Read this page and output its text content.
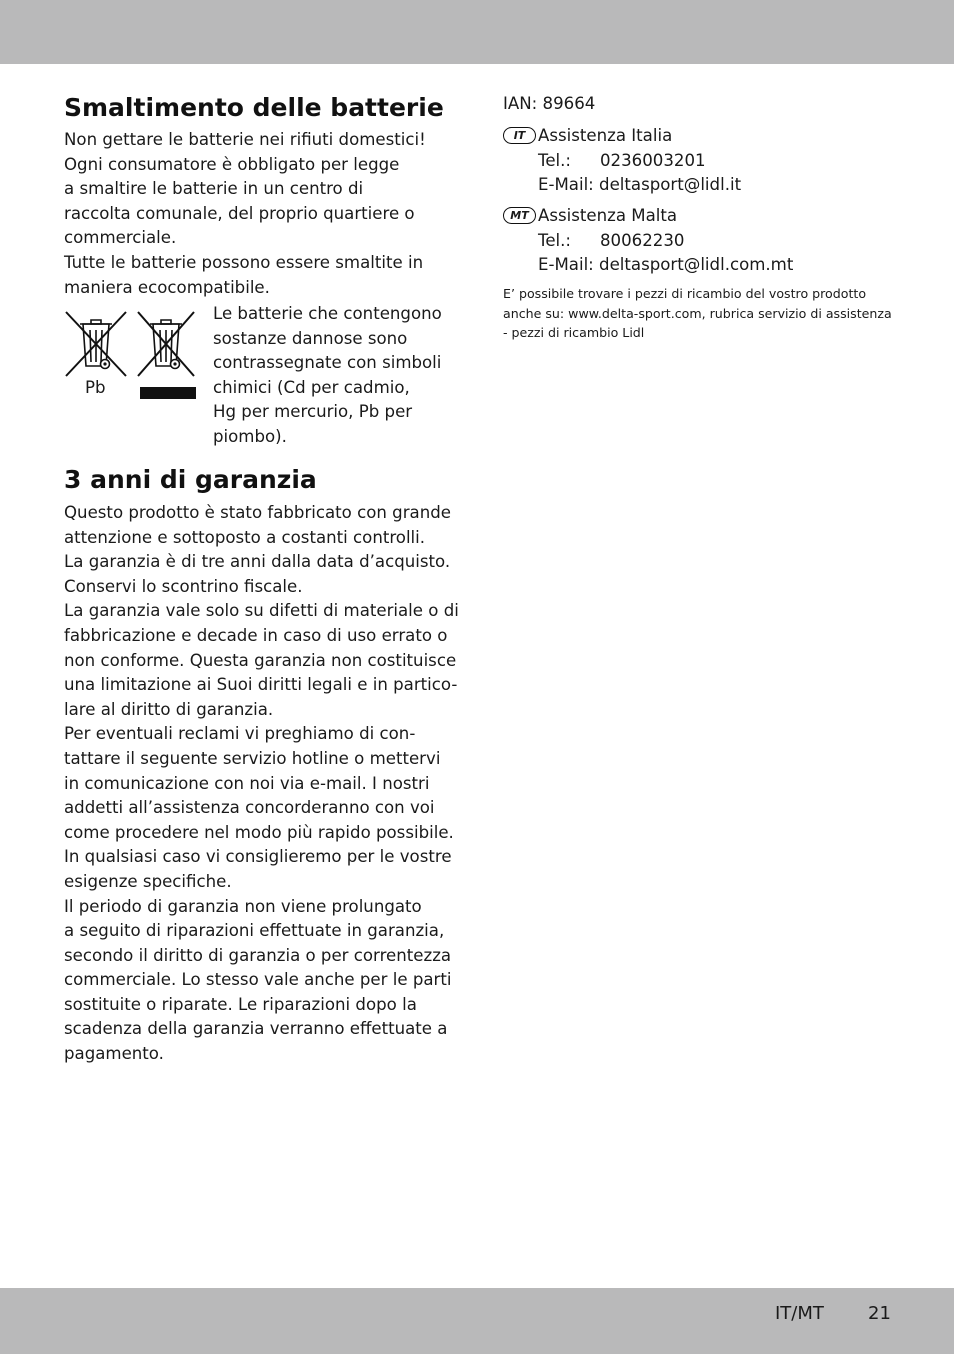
Smaltimento delle batterie

Non gettare le batterie nei rifiuti domestici!

Ogni consumatore è obbligato per legge

a smaltire le batterie in un centro di

raccolta comunale, del proprio quartiere o

commerciale.

Tutte le batterie possono essere smaltite in

maniera ecocompatibile.

Pb

Le batterie che contengono

sostanze dannose sono

contrassegnate con simboli

chimici (Cd per cadmio,

Hg per mercurio, Pb per

piombo).

3 anni di garanzia

Questo prodotto è stato fabbricato con grande

attenzione e sottoposto a costanti controlli.

La garanzia è di tre anni dalla data d’acquisto.

Conservi lo scontrino fiscale.

La garanzia vale solo su difetti di materiale o di

fabbricazione e decade in caso di uso errato o

non conforme. Questa garanzia non costituisce

una limitazione ai Suoi diritti legali e in partico-

lare al diritto di garanzia.

Per eventuali reclami vi preghiamo di con-

tattare il seguente servizio hotline o mettervi

in comunicazione con noi via e-mail. I nostri

addetti all’assistenza concorderanno con voi

come procedere nel modo più rapido possibile.

In qualsiasi caso vi consiglieremo per le vostre

esigenze specifiche.

Il periodo di garanzia non viene prolungato

a seguito di riparazioni effettuate in garanzia,

secondo il diritto di garanzia o per correntezza

commerciale. Lo stesso vale anche per le parti

sostituite o riparate. Le riparazioni dopo la

scadenza della garanzia verranno effettuate a

pagamento.

IAN: 89664
IT Assistenza Italia
Tel.: 0236003201
E-Mail: deltasport@lidl.it
MT Assistenza Malta
Tel.: 80062230
E-Mail: deltasport@lidl.com.mt
E’ possibile trovare i pezzi di ricambio del vostro prodotto
anche su: www.delta-sport.com, rubrica servizio di assistenza
- pezzi di ricambio Lidl
IT/MT 21
